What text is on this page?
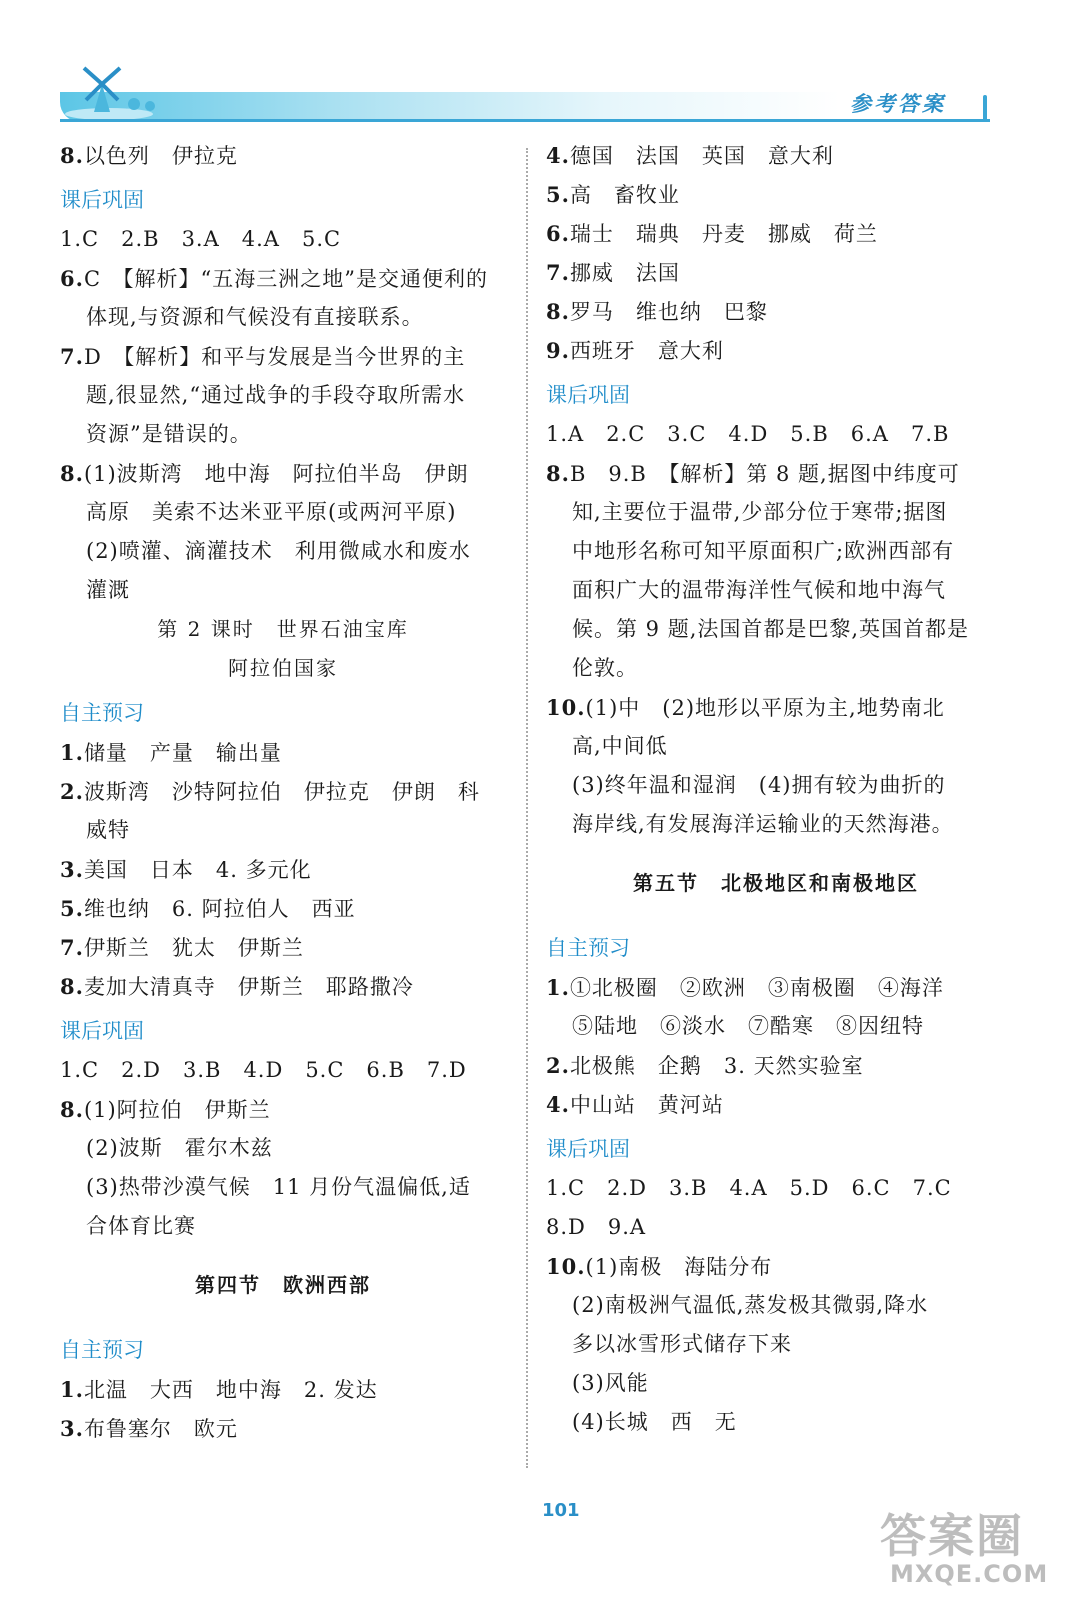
参考答案
8.以色列　伊拉克
课后巩固
1.C　2.B　3.A　4.A　5.C
6.C　【解析】“五海三洲之地”是交通便利的
体现,与资源和气候没有直接联系。
7.D　【解析】和平与发展是当今世界的主
题,很显然,“通过战争的手段夺取所需水
资源”是错误的。
8.(1)波斯湾　地中海　阿拉伯半岛　伊朗
高原　美索不达米亚平原(或两河平原)
(2)喷灌、滴灌技术　利用微咸水和废水
灌溉
第 2 课时　世界石油宝库
阿拉伯国家
自主预习
1.储量　产量　输出量
2.波斯湾　沙特阿拉伯　伊拉克　伊朗　科
威特
3.美国　日本　4. 多元化
5.维也纳　6. 阿拉伯人　西亚
7.伊斯兰　犹太　伊斯兰
8.麦加大清真寺　伊斯兰　耶路撒冷
课后巩固
1.C　2.D　3.B　4.D　5.C　6.B　7.D
8.(1)阿拉伯　伊斯兰
(2)波斯　霍尔木兹
(3)热带沙漠气候　11 月份气温偏低,适
合体育比赛
第四节　欧洲西部
自主预习
1.北温　大西　地中海　2. 发达
3.布鲁塞尔　欧元
4.德国　法国　英国　意大利
5.高　畜牧业
6.瑞士　瑞典　丹麦　挪威　荷兰
7.挪威　法国
8.罗马　维也纳　巴黎
9.西班牙　意大利
课后巩固
1.A　2.C　3.C　4.D　5.B　6.A　7.B
8.B　9.B　【解析】第 8 题,据图中纬度可
知,主要位于温带,少部分位于寒带;据图
中地形名称可知平原面积广;欧洲西部有
面积广大的温带海洋性气候和地中海气
候。第 9 题,法国首都是巴黎,英国首都是
伦敦。
10.(1)中　(2)地形以平原为主,地势南北
高,中间低
(3)终年温和湿润　(4)拥有较为曲折的
海岸线,有发展海洋运输业的天然海港。
第五节　北极地区和南极地区
自主预习
1.①北极圈　②欧洲　③南极圈　④海洋
⑤陆地　⑥淡水　⑦酷寒　⑧因纽特
2.北极熊　企鹅　3. 天然实验室
4.中山站　黄河站
课后巩固
1.C　2.D　3.B　4.A　5.D　6.C　7.C
8.D　9.A
10.(1)南极　海陆分布
(2)南极洲气温低,蒸发极其微弱,降水
多以冰雪形式储存下来
(3)风能
(4)长城　西　无
101	答案圈
MXQE.COM
